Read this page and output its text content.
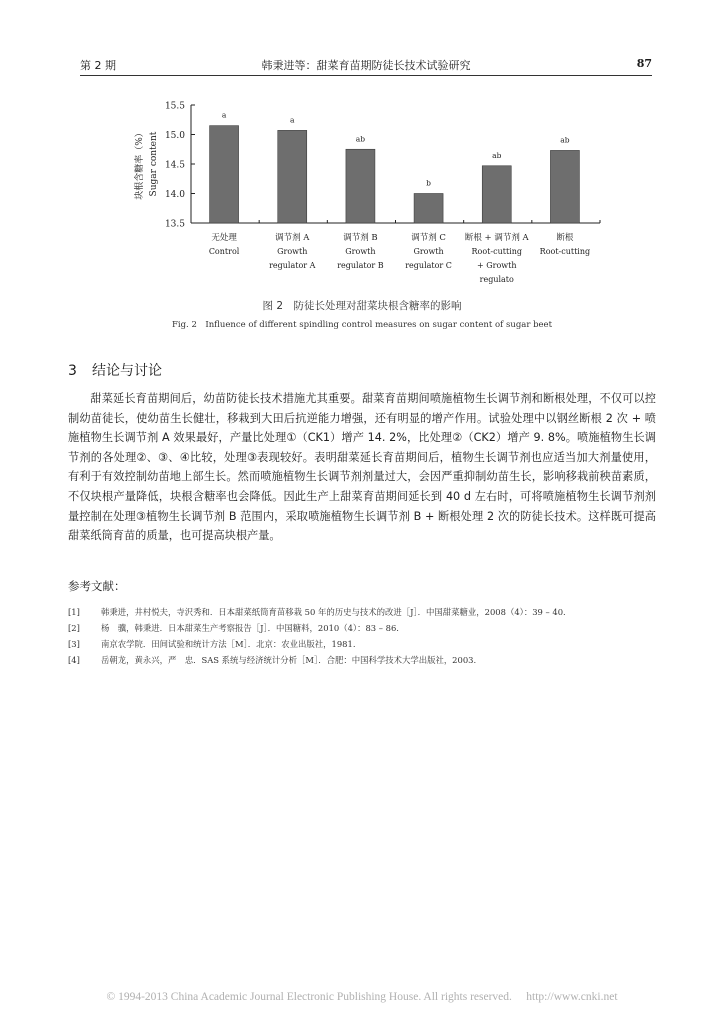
第 2 期	韩秉进等：甜菜育苗期防徒长技术试验研究	87
15.5
15.0
14.5
14.0
13.5
块根含糖率（%） Sugar content
a
无处理
Control
a
调节剂 A
Growth
regulator A
ab
调节剂 B
Growth
regulator B
b
调节剂 C
Growth
regulator C
ab
断根 + 调节剂 A
Root-cutting
+ Growth
regulato
ab
断根
Root-cutting
图 2　防徒长处理对甜菜块根含糖率的影响
Fig. 2　Influence of different spindling control measures on sugar content of sugar beet
3 结论与讨论

甜菜延长育苗期间后，幼苗防徒长技术措施尤其重要。甜菜育苗期间喷施植物生长调节剂和断根处理，不仅可以控制幼苗徒长，使幼苗生长健壮，移栽到大田后抗逆能力增强，还有明显的增产作用。试验处理中以钢丝断根 2 次 + 喷施植物生长调节剂 A 效果最好，产量比处理①（CK1）增产 14. 2%，比处理②（CK2）增产 9. 8%。喷施植物生长调节剂的各处理②、③、④比较，处理③表现较好。表明甜菜延长育苗期间后，植物生长调节剂也应适当加大剂量使用，有利于有效控制幼苗地上部生长。然而喷施植物生长调节剂剂量过大，会因严重抑制幼苗生长，影响移栽前秧苗素质，不仅块根产量降低，块根含糖率也会降低。因此生产上甜菜育苗期间延长到 40 d 左右时，可将喷施植物生长调节剂剂量控制在处理③植物生长调节剂 B 范围内，采取喷施植物生长调节剂 B + 断根处理 2 次的防徒长技术。这样既可提高甜菜纸筒育苗的质量，也可提高块根产量。

参考文献：
[1]	韩秉进，井村悦夫，寺沢秀和．日本甜菜纸筒育苗移栽 50 年的历史与技术的改进［J］．中国甜菜糖业，2008（4）：39 – 40.
[2]	杨　骥，韩秉进．日本甜菜生产考察报告［J］．中国糖料，2010（4）：83 – 86.
[3]	南京农学院．田间试验和统计方法［M］．北京：农业出版社，1981.
[4]	岳朝龙，黄永兴，严　忠．SAS 系统与经济统计分析［M］．合肥：中国科学技术大学出版社，2003.
© 1994-2013 China Academic Journal Electronic Publishing House. All rights reserved.　 http://www.cnki.net
